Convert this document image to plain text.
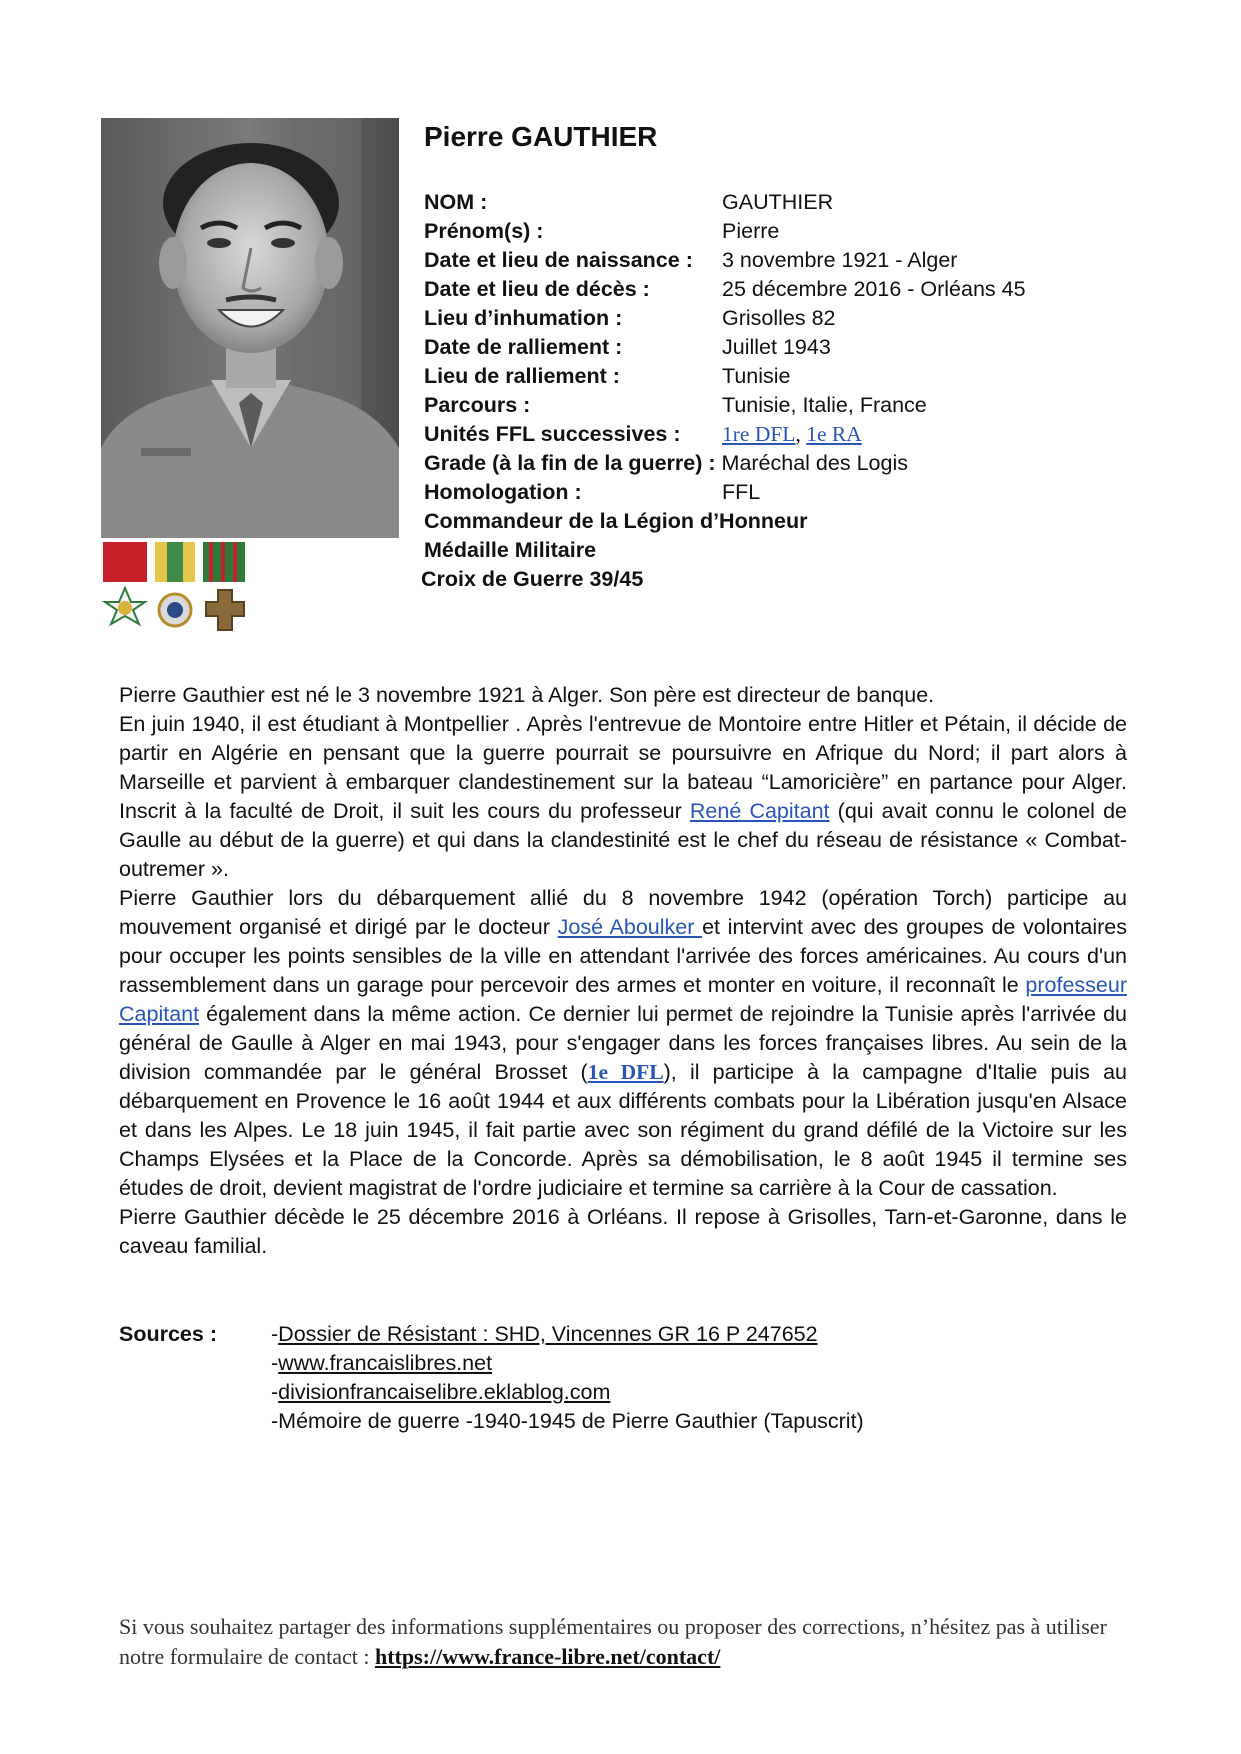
Pierre GAUTHIER
NOM :	GAUTHIER
Prénom(s) :	Pierre
Date et lieu de naissance :	3 novembre 1921 - Alger
Date et lieu de décès :	25 décembre 2016 - Orléans 45
Lieu d’inhumation :	Grisolles 82
Date de ralliement :	Juillet 1943
Lieu de ralliement :	Tunisie
Parcours :	Tunisie, Italie, France
Unités FFL successives :	1re DFL, 1e RA
Grade (à la fin de la guerre) : Maréchal des Logis
Homologation :	FFL
Commandeur de la Légion d’Honneur
Médaille Militaire
Croix de Guerre 39/45

Pierre Gauthier est né le 3 novembre 1921 à Alger. Son père est directeur de banque.

En juin 1940, il est étudiant à Montpellier . Après l'entrevue de Montoire entre Hitler et Pétain, il décide de partir en Algérie en pensant que la guerre pourrait se poursuivre en Afrique du Nord; il part alors à Marseille et parvient à embarquer clandestinement sur la bateau “Lamoricière” en partance pour Alger. Inscrit à la faculté de Droit, il suit les cours du professeur René Capitant (qui avait connu le colonel de Gaulle au début de la guerre) et qui dans la clandestinité est le chef du réseau de résistance « Combat-outremer ».

Pierre Gauthier lors du débarquement allié du 8 novembre 1942 (opération Torch) participe au mouvement organisé et dirigé par le docteur José Aboulker et intervint avec des groupes de volontaires pour occuper les points sensibles de la ville en attendant l'arrivée des forces américaines. Au cours d'un rassemblement dans un garage pour percevoir des armes et monter en voiture, il reconnaît le professeur Capitant également dans la même action. Ce dernier lui permet de rejoindre la Tunisie après l'arrivée du général de Gaulle à Alger en mai 1943, pour s'engager dans les forces françaises libres. Au sein de la division commandée par le général Brosset (1e DFL), il participe à la campagne d'Italie puis au débarquement en Provence le 16 août 1944 et aux différents combats pour la Libération jusqu'en Alsace et dans les Alpes. Le 18 juin 1945, il fait partie avec son régiment du grand défilé de la Victoire sur les Champs Elysées et la Place de la Concorde. Après sa démobilisation, le 8 août 1945 il termine ses études de droit, devient magistrat de l'ordre judiciaire et termine sa carrière à la Cour de cassation.

Pierre Gauthier décède le 25 décembre 2016 à Orléans. Il repose à Grisolles, Tarn-et-Garonne, dans le caveau familial.

Sources :	-Dossier de Résistant : SHD, Vincennes GR 16 P 247652
-www.francaislibres.net
-divisionfrancaiselibre.eklablog.com
-Mémoire de guerre -1940-1945 de Pierre Gauthier (Tapuscrit)
Si vous souhaitez partager des informations supplémentaires ou proposer des corrections, n’hésitez pas à utiliser notre formulaire de contact : https://www.france-libre.net/contact/
